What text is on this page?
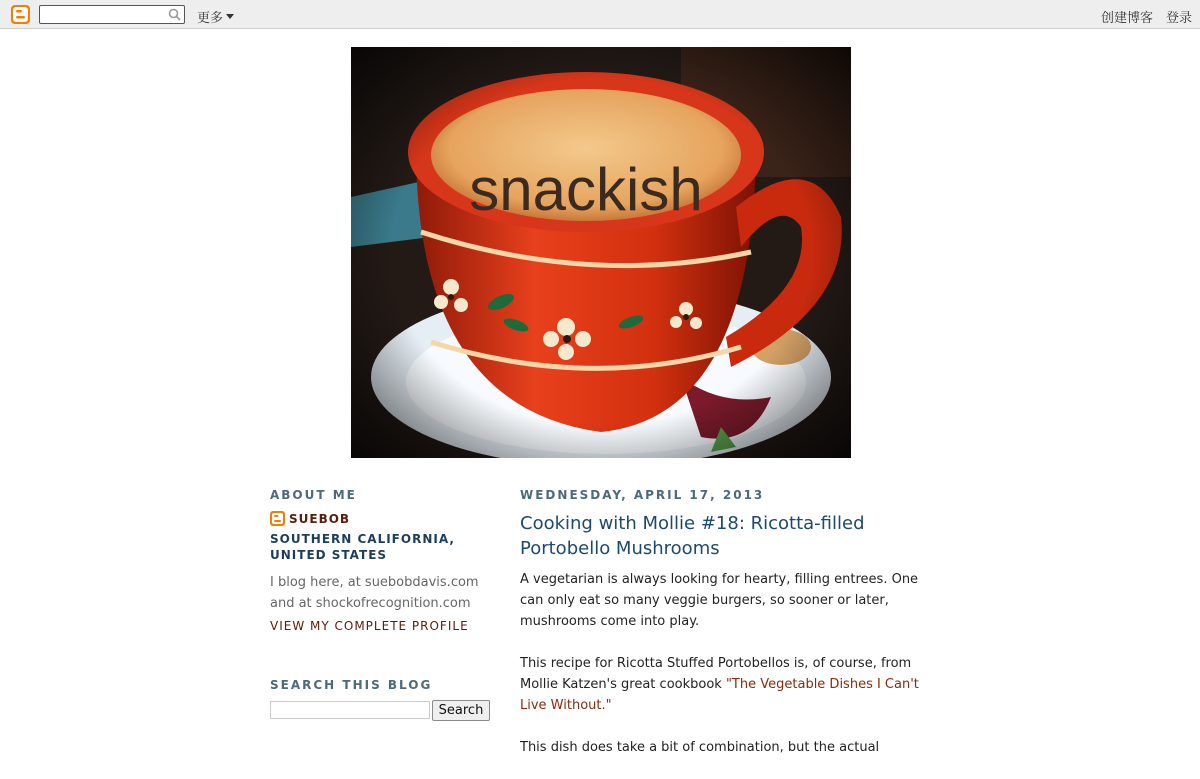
更多	创建博客 登录
snackish
ABOUT ME
SUEBOB
SOUTHERN CALIFORNIA, UNITED STATES
I blog here, at suebobdavis.com and at shockofrecognition.com
VIEW MY COMPLETE PROFILE
SEARCH THIS BLOG
Search
WEDNESDAY, APRIL 17, 2013
Cooking with Mollie #18: Ricotta-filled Portobello Mushrooms

A vegetarian is always looking for hearty, filling entrees. One can only eat so many veggie burgers, so sooner or later, mushrooms come into play.

This recipe for Ricotta Stuffed Portobellos is, of course, from Mollie Katzen's great cookbook "The Vegetable Dishes I Can't Live Without."

This dish does take a bit of combination, but the actual
